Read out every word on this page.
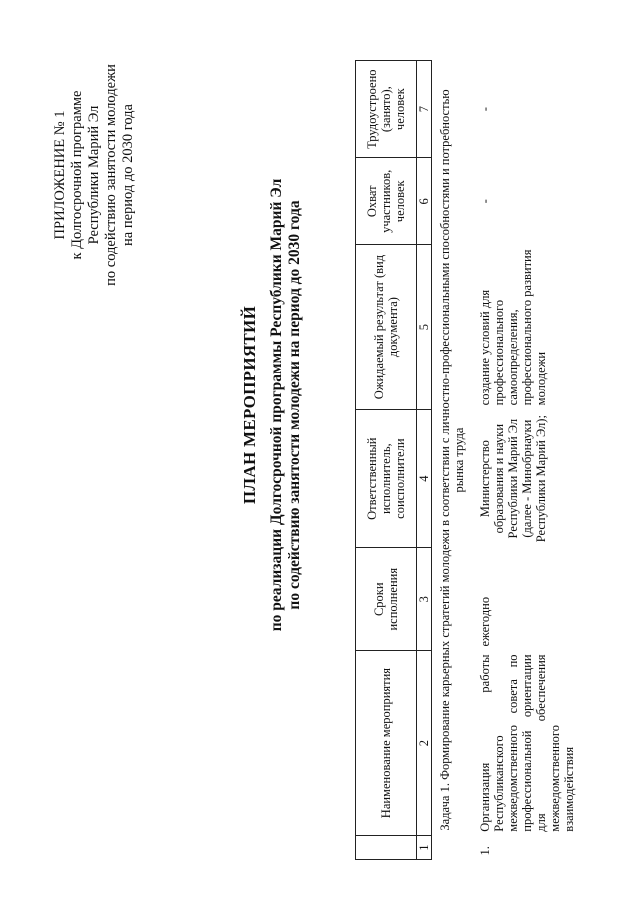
ПРИЛОЖЕНИЕ № 1 к Долгосрочной программе Республики Марий Эл по содействию занятости молодежи на период до 2030 года
ПЛАН МЕРОПРИЯТИЙ по реализации Долгосрочной программы Республики Марий Эл по содействию занятости молодежи на период до 2030 года
	Наименование мероприятия	Сроки исполнения	Ответственный исполнитель, соисполнители	Ожидаемый результат (вид документа)	Охват участников, человек	Трудоустроено (занято), человек
1	2	3	4	5	6	7
Задача 1. Формирование карьерных стратегий молодежи в соответствии с личностно-профессиональными способностями и потребностью рынка труда						
1.	Организация работы Республиканского межведомственного совета по профессиональной ориентации для обеспечения межведомственного взаимодействия	ежегодно	Министерство образования и науки Республики Марий Эл (далее - Минобрнауки Республики Марий Эл);	создание условий для профессионального самоопределения, профессионального развития молодежи	-	-
